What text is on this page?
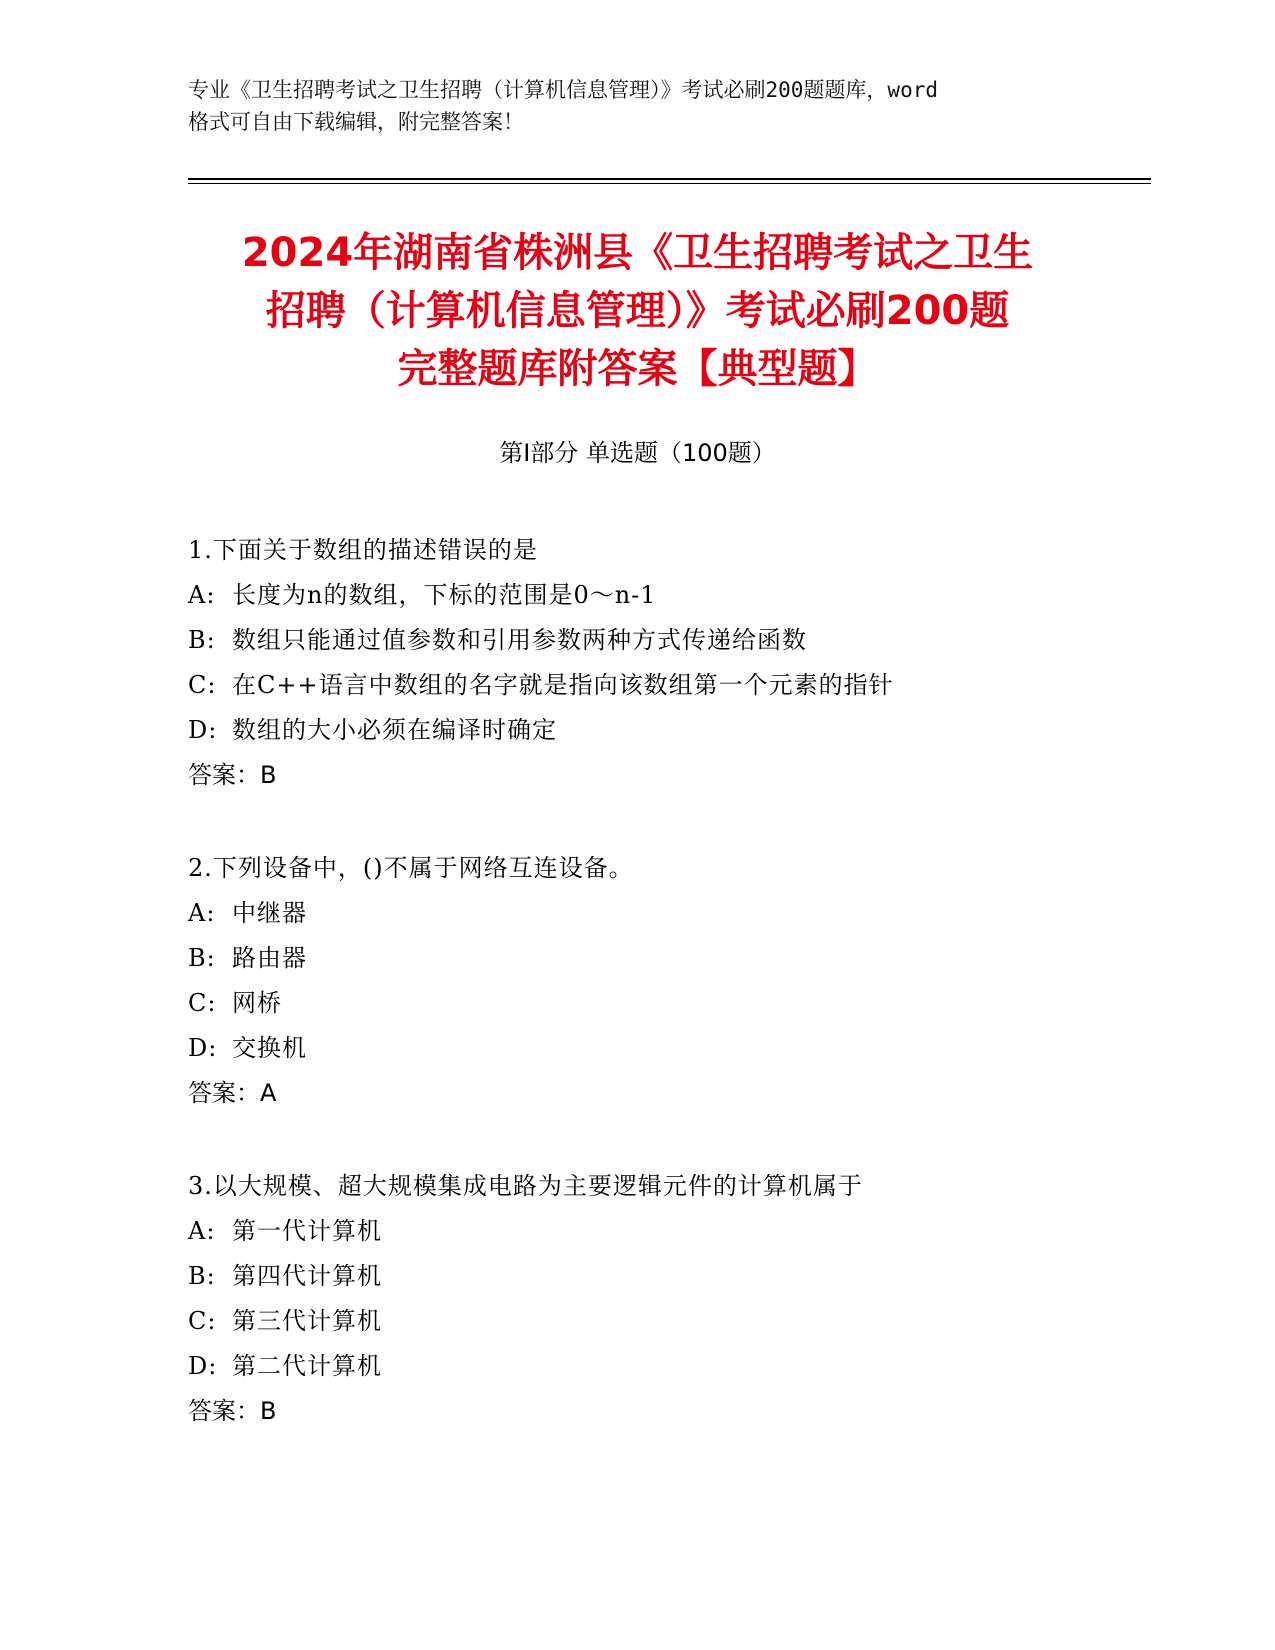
专业《卫生招聘考试之卫生招聘（计算机信息管理）》考试必刷200题题库，word
格式可自由下载编辑，附完整答案！
2024年湖南省株洲县《卫生招聘考试之卫生
招聘（计算机信息管理）》考试必刷200题
完整题库附答案【典型题】
第Ⅰ部分 单选题（100题）
1.下面关于数组的描述错误的是
A: 长度为n的数组，下标的范围是0～n-1
B: 数组只能通过值参数和引用参数两种方式传递给函数
C: 在C++语言中数组的名字就是指向该数组第一个元素的指针
D: 数组的大小必须在编译时确定
答案：B
2.下列设备中，()不属于网络互连设备。
A: 中继器
B: 路由器
C: 网桥
D: 交换机
答案：A
3.以大规模、超大规模集成电路为主要逻辑元件的计算机属于
A: 第一代计算机
B: 第四代计算机
C: 第三代计算机
D: 第二代计算机
答案：B
